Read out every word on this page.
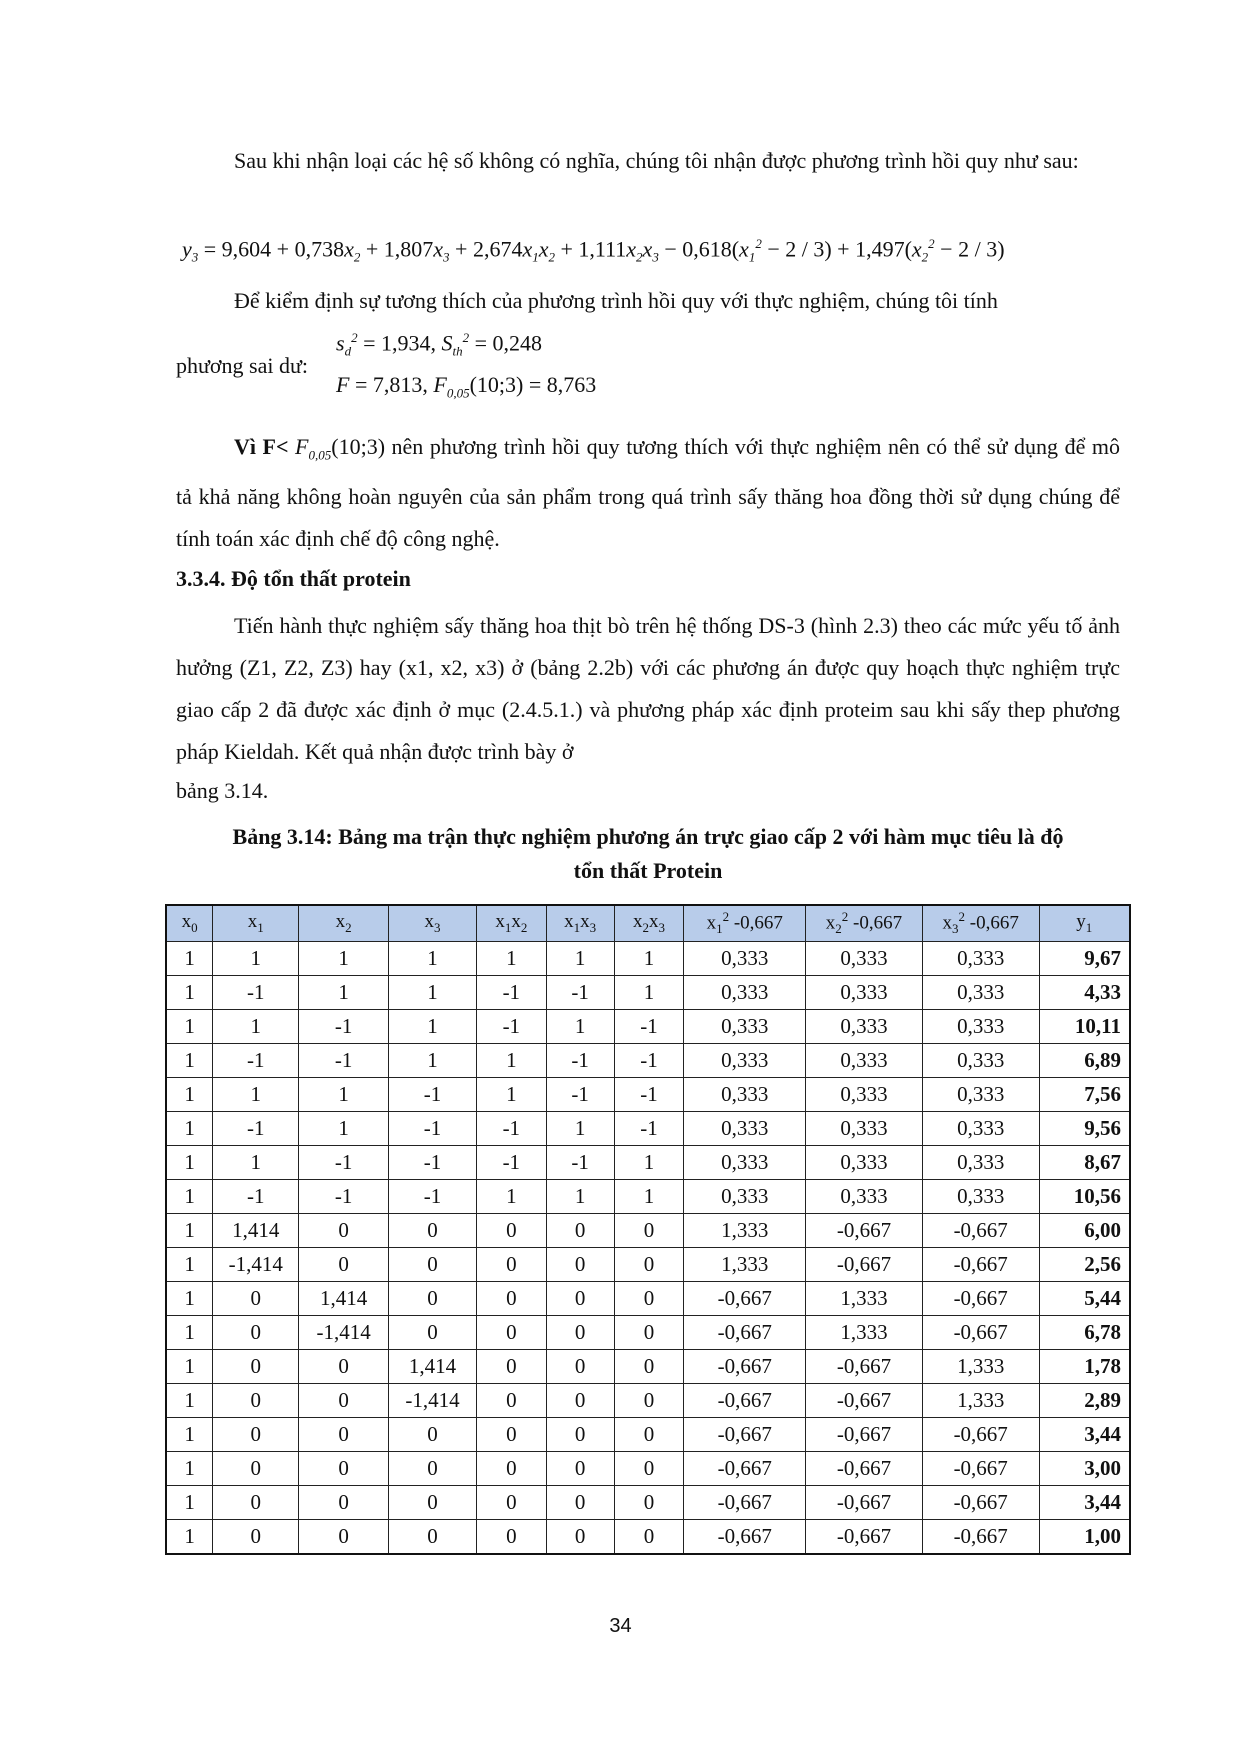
Sau khi nhận loại các hệ số không có nghĩa, chúng tôi nhận được phương trình hồi quy như sau:
$y_3 = 9,604 + 0,738x_2 + 1,807x_3 + 2,674x_1x_2 + 1,111x_2x_3 - 0,618(x_1^2 - 2 / 3) + 1,497(x_2^2 - 2 / 3)$
Để kiểm định sự tương thích của phương trình hồi quy với thực nghiệm, chúng tôi tính
phương sai dư:
$s_d^2 = 1,934$, $S_{th}^2 = 0,248$
F = 7,813, $F_{0,05}(10;3) = 8,763$
Vì $F< F_{0,05}(10;3)$ nên phương trình hồi quy tương thích với thực nghiệm nên có thể sử dụng để mô tả khả năng không hoàn nguyên của sản phẩm trong quá trình sấy thăng hoa đồng thời sử dụng chúng để tính toán xác định chế độ công nghệ.
3.3.4. Độ tổn thất protein
Tiến hành thực nghiệm sấy thăng hoa thịt bò trên hệ thống DS-3 (hình 2.3) theo các mức yếu tố ảnh hưởng (Z1, Z2, Z3) hay (x1, x2, x3) ở (bảng 2.2b) với các phương án được quy hoạch thực nghiệm trực giao cấp 2 đã được xác định ở mục (2.4.5.1.) và phương pháp xác định proteim sau khi sấy thep phương pháp Kieldah. Kết quả nhận được trình bày ở
bảng 3.14.
Bảng 3.14: Bảng ma trận thực nghiệm phương án trực giao cấp 2 với hàm mục tiêu là độ
tổn thất Protein
$x_0$	$x_1$	$x_2$	$x_3$	$x_1x_2$	$x_1x_3$	$x_2x_3$	$x_1^2$ -0,667	$x_2^2$ -0,667	$x_3^2$ -0,667	$y_1$
1	1	1	1	1	1	1	0,333	0,333	0,333	9,67
1	-1	1	1	-1	-1	1	0,333	0,333	0,333	4,33
1	1	-1	1	-1	1	-1	0,333	0,333	0,333	10,11
1	-1	-1	1	1	-1	-1	0,333	0,333	0,333	6,89
1	1	1	-1	1	-1	-1	0,333	0,333	0,333	7,56
1	-1	1	-1	-1	1	-1	0,333	0,333	0,333	9,56
1	1	-1	-1	-1	-1	1	0,333	0,333	0,333	8,67
1	-1	-1	-1	1	1	1	0,333	0,333	0,333	10,56
1	1,414	0	0	0	0	0	1,333	-0,667	-0,667	6,00
1	-1,414	0	0	0	0	0	1,333	-0,667	-0,667	2,56
1	0	1,414	0	0	0	0	-0,667	1,333	-0,667	5,44
1	0	-1,414	0	0	0	0	-0,667	1,333	-0,667	6,78
1	0	0	1,414	0	0	0	-0,667	-0,667	1,333	1,78
1	0	0	-1,414	0	0	0	-0,667	-0,667	1,333	2,89
1	0	0	0	0	0	0	-0,667	-0,667	-0,667	3,44
1	0	0	0	0	0	0	-0,667	-0,667	-0,667	3,00
1	0	0	0	0	0	0	-0,667	-0,667	-0,667	3,44
1	0	0	0	0	0	0	-0,667	-0,667	-0,667	1,00
34
